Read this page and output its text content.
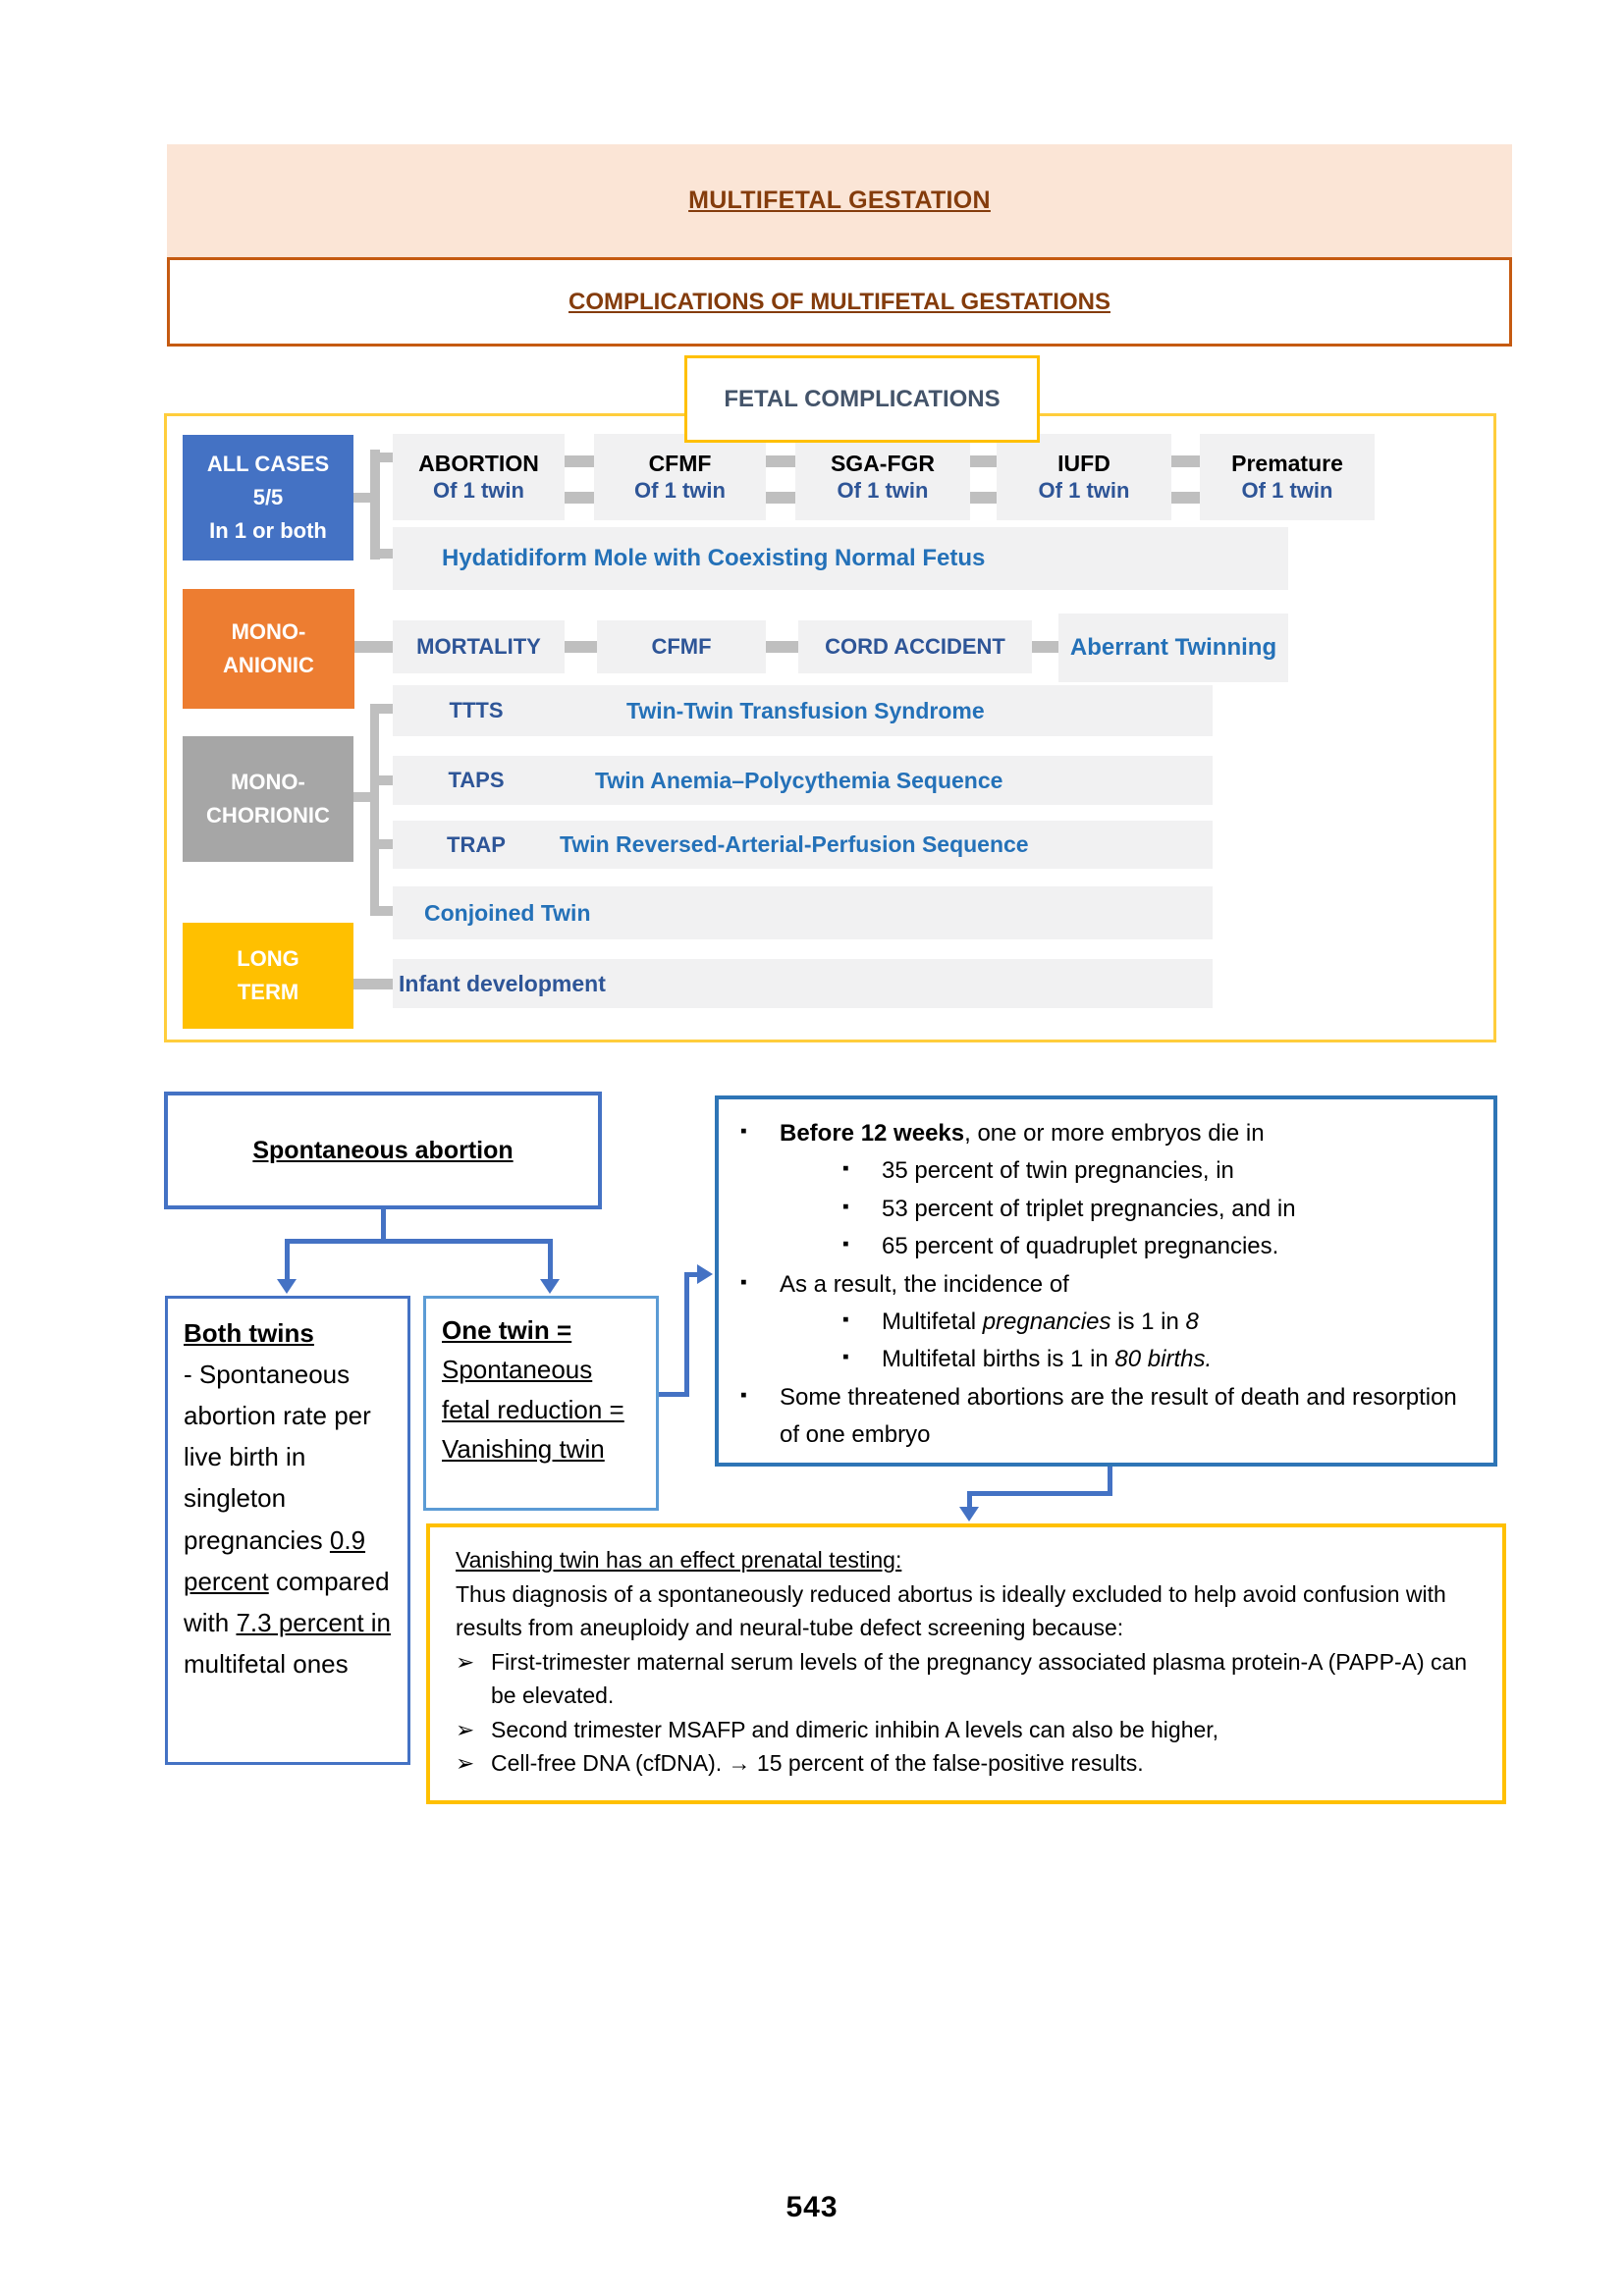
MULTIFETAL GESTATION
COMPLICATIONS OF MULTIFETAL GESTATIONS
FETAL COMPLICATIONS
ALL CASES
5/5
In 1 or both
MONO-
ANIONIC
MONO-
CHORIONIC
LONG
TERM
ABORTION
Of 1 twin
CFMF
Of 1 twin
SGA-FGR
Of 1 twin
IUFD
Of 1 twin
Premature
Of 1 twin
Hydatidiform Mole with Coexisting Normal Fetus
MORTALITY	CFMF	CORD ACCIDENT	Aberrant Twinning
TTTS	Twin-Twin Transfusion Syndrome
TAPS	Twin Anemia–Polycythemia Sequence
TRAP	Twin Reversed-Arterial-Perfusion Sequence
Conjoined Twin
Infant development
Spontaneous abortion
Both twins
- Spontaneous abortion rate per live birth in singleton pregnancies 0.9 percent compared with 7.3 percent in multifetal ones
One twin =
Spontaneous fetal reduction = Vanishing twin
▪	Before 12 weeks, one or more embryos die in
▪	35 percent of twin pregnancies, in
▪	53 percent of triplet pregnancies, and in
▪	65 percent of quadruplet pregnancies.
▪	As a result, the incidence of
▪	Multifetal pregnancies is 1 in 8
▪	Multifetal births is 1 in 80 births.
▪	Some threatened abortions are the result of death and resorption of one embryo
Vanishing twin has an effect prenatal testing:
Thus diagnosis of a spontaneously reduced abortus is ideally excluded to help avoid confusion with results from aneuploidy and neural-tube defect screening because:
➢ First-trimester maternal serum levels of the pregnancy associated plasma protein-A (PAPP-A) can be elevated.
➢ Second trimester MSAFP and dimeric inhibin A levels can also be higher,
➢ Cell-free DNA (cfDNA). → 15 percent of the false-positive results.
543
